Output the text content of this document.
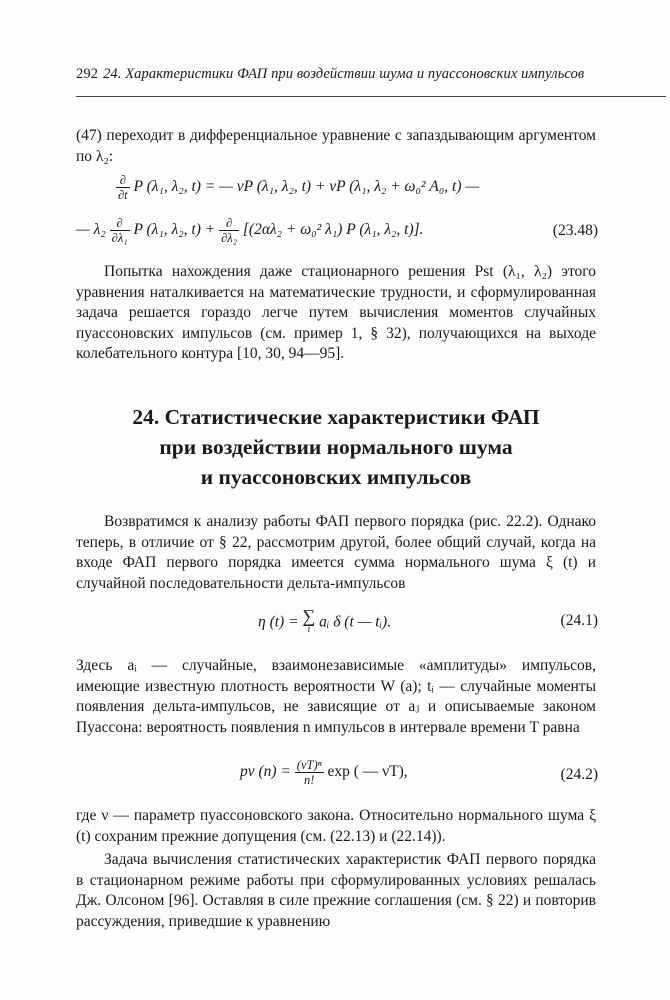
292 24. Характеристики ФАП при воздействии шума и пуассоновских импульсов

(47) переходит в дифференциальное уравнение с запаздывающим аргументом по λ₂:

$\frac{\partial}{\partial t}$ P (λ₁, λ₂, t) = — νP (λ₁, λ₂, t) + νP (λ₁, λ₂ + ω₀² A₀, t) —
— $\lambda_2 \frac{\partial}{\text{∂λ₁}}$ P (λ₁, λ₂, $t) + \frac{\partial}{\text{∂λ₂}} [(2\alpha\lambda_2 + \omega_0^2$ λ₁) P (λ₁, λ₂, t)].	(23.48)

Попытка нахождения даже стационарного решения Pst (λ₁, λ₂) этого уравнения наталкивается на математические трудности, и сформулированная задача решается гораздо легче путем вычисления моментов случайных пуассоновских импульсов (см. пример 1, § 32), получающихся на выходе колебательного контура [10, 30, 94—95].

24. Статистические характеристики ФАП
при воздействии нормального шума
и пуассоновских импульсов

Возвратимся к анализу работы ФАП первого порядка (рис. 22.2). Однако теперь, в отличие от § 22, рассмотрим другой, более общий случай, когда на входе ФАП первого порядка имеется сумма нормального шума ξ (t) и случайной последовательности дельта-импульсов

η (t) = ∑
i aᵢ δ (t — tᵢ).	(24.1)

Здесь aᵢ — случайные, взаимонезависимые «амплитуды» импульсов, имеющие известную плотность вероятности W (a); tᵢ — случайные моменты появления дельта-импульсов, не зависящие от aⱼ и описываемые законом Пуассона: вероятность появления n импульсов в интервале времени T равна

pν $(n) = \frac{\text{(νT)ⁿ}}{n!}$ exp ( — νT),	(24.2)

где ν — параметр пуассоновского закона. Относительно нормального шума ξ (t) сохраним прежние допущения (см. (22.13) и (22.14)).

Задача вычисления статистических характеристик ФАП первого порядка в стационарном режиме работы при сформулированных условиях решалась Дж. Олсоном [96]. Оставляя в силе прежние соглашения (см. § 22) и повторив рассуждения, приведшие к уравнению
